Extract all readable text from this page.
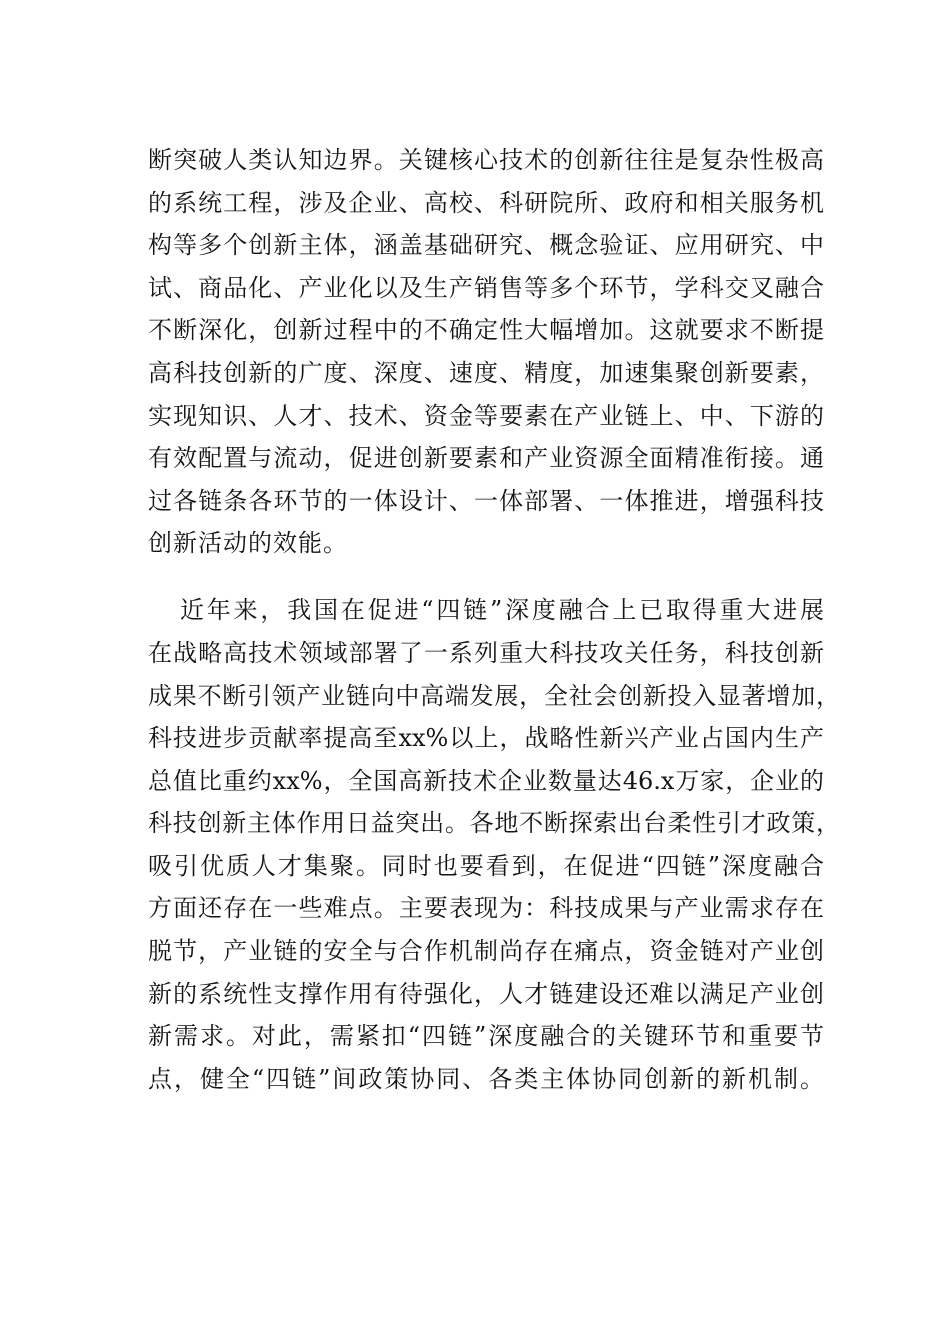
断突破人类认知边界。关键核心技术的创新往往是复杂性极高
的系统工程，涉及企业、高校、科研院所、政府和相关服务机
构等多个创新主体，涵盖基础研究、概念验证、应用研究、中
试、商品化、产业化以及生产销售等多个环节，学科交叉融合
不断深化，创新过程中的不确定性大幅增加。这就要求不断提
高科技创新的广度、深度、速度、精度，加速集聚创新要素，
实现知识、人才、技术、资金等要素在产业链上、中、下游的
有效配置与流动，促进创新要素和产业资源全面精准衔接。通
过各链条各环节的一体设计、一体部署、一体推进，增强科技
创新活动的效能。
近年来，我国在促进“四链”深度融合上已取得重大进展
在战略高技术领域部署了一系列重大科技攻关任务，科技创新
成果不断引领产业链向中高端发展，全社会创新投入显著增加，
科技进步贡献率提高至xx%以上，战略性新兴产业占国内生产
总值比重约xx%，全国高新技术企业数量达46.x万家，企业的
科技创新主体作用日益突出。各地不断探索出台柔性引才政策，
吸引优质人才集聚。同时也要看到，在促进“四链”深度融合
方面还存在一些难点。主要表现为：科技成果与产业需求存在
脱节，产业链的安全与合作机制尚存在痛点，资金链对产业创
新的系统性支撑作用有待强化，人才链建设还难以满足产业创
新需求。对此，需紧扣“四链”深度融合的关键环节和重要节
点，健全“四链”间政策协同、各类主体协同创新的新机制。
